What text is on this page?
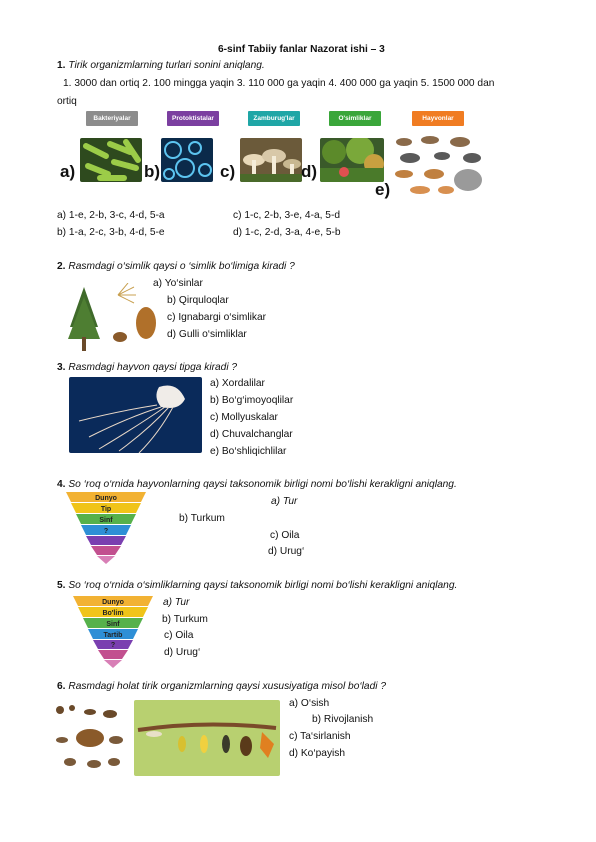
6-sinf Tabiiy fanlar Nazorat ishi – 3
1. Tirik organizmlarning turlari sonini aniqlang.
1. 3000 dan ortiq 2. 100 mingga yaqin 3. 110 000 ga yaqin 4. 400 000 ga yaqin 5. 1500 000 dan
ortiq
Bakteriyalar	Protoktistalar	Zamburug'lar	O'simliklar	Hayvonlar
a)	b)	c)	d)
e)
a) 1-e, 2-b, 3-c, 4-d, 5-a
b) 1-a, 2-c, 3-b, 4-d, 5-e
c) 1-c, 2-b, 3-e, 4-a, 5-d
d) 1-c, 2-d, 3-a, 4-e, 5-b
2. Rasmdagi o‘simlik qaysi o ‘simlik bo‘limiga kiradi ?
a) Yo‘sinlar
b) Qirquloqlar
c) Ignabargi o‘simlikar
d) Gulli o‘simliklar
3. Rasmdagi hayvon qaysi tipga kiradi ?
a) Xordalilar
b) Bo‘g‘imoyoqlilar
c) Mollyuskalar
d) Chuvalchanglar
e) Bo‘shliqichlilar
4. So ‘roq o‘rnida hayvonlarning qaysi taksonomik birligi nomi bo‘lishi kerakligni aniqlang.
Dunyo
Tip
Sinf
?
a) Tur
b) Turkum
c) Oila
d) Urug‘
5. So ‘roq o‘rnida o‘simliklarning qaysi taksonomik birligi nomi bo‘lishi kerakligni aniqlang.
Dunyo
Bo'lim
Sinf
Tartib
?
a) Tur
b) Turkum
c) Oila
d) Urug‘
6. Rasmdagi holat tirik organizmlarning qaysi xususiyatiga misol bo‘ladi ?
a) O‘sish
b) Rivojlanish
c) Ta‘sirlanish
d) Ko‘payish
